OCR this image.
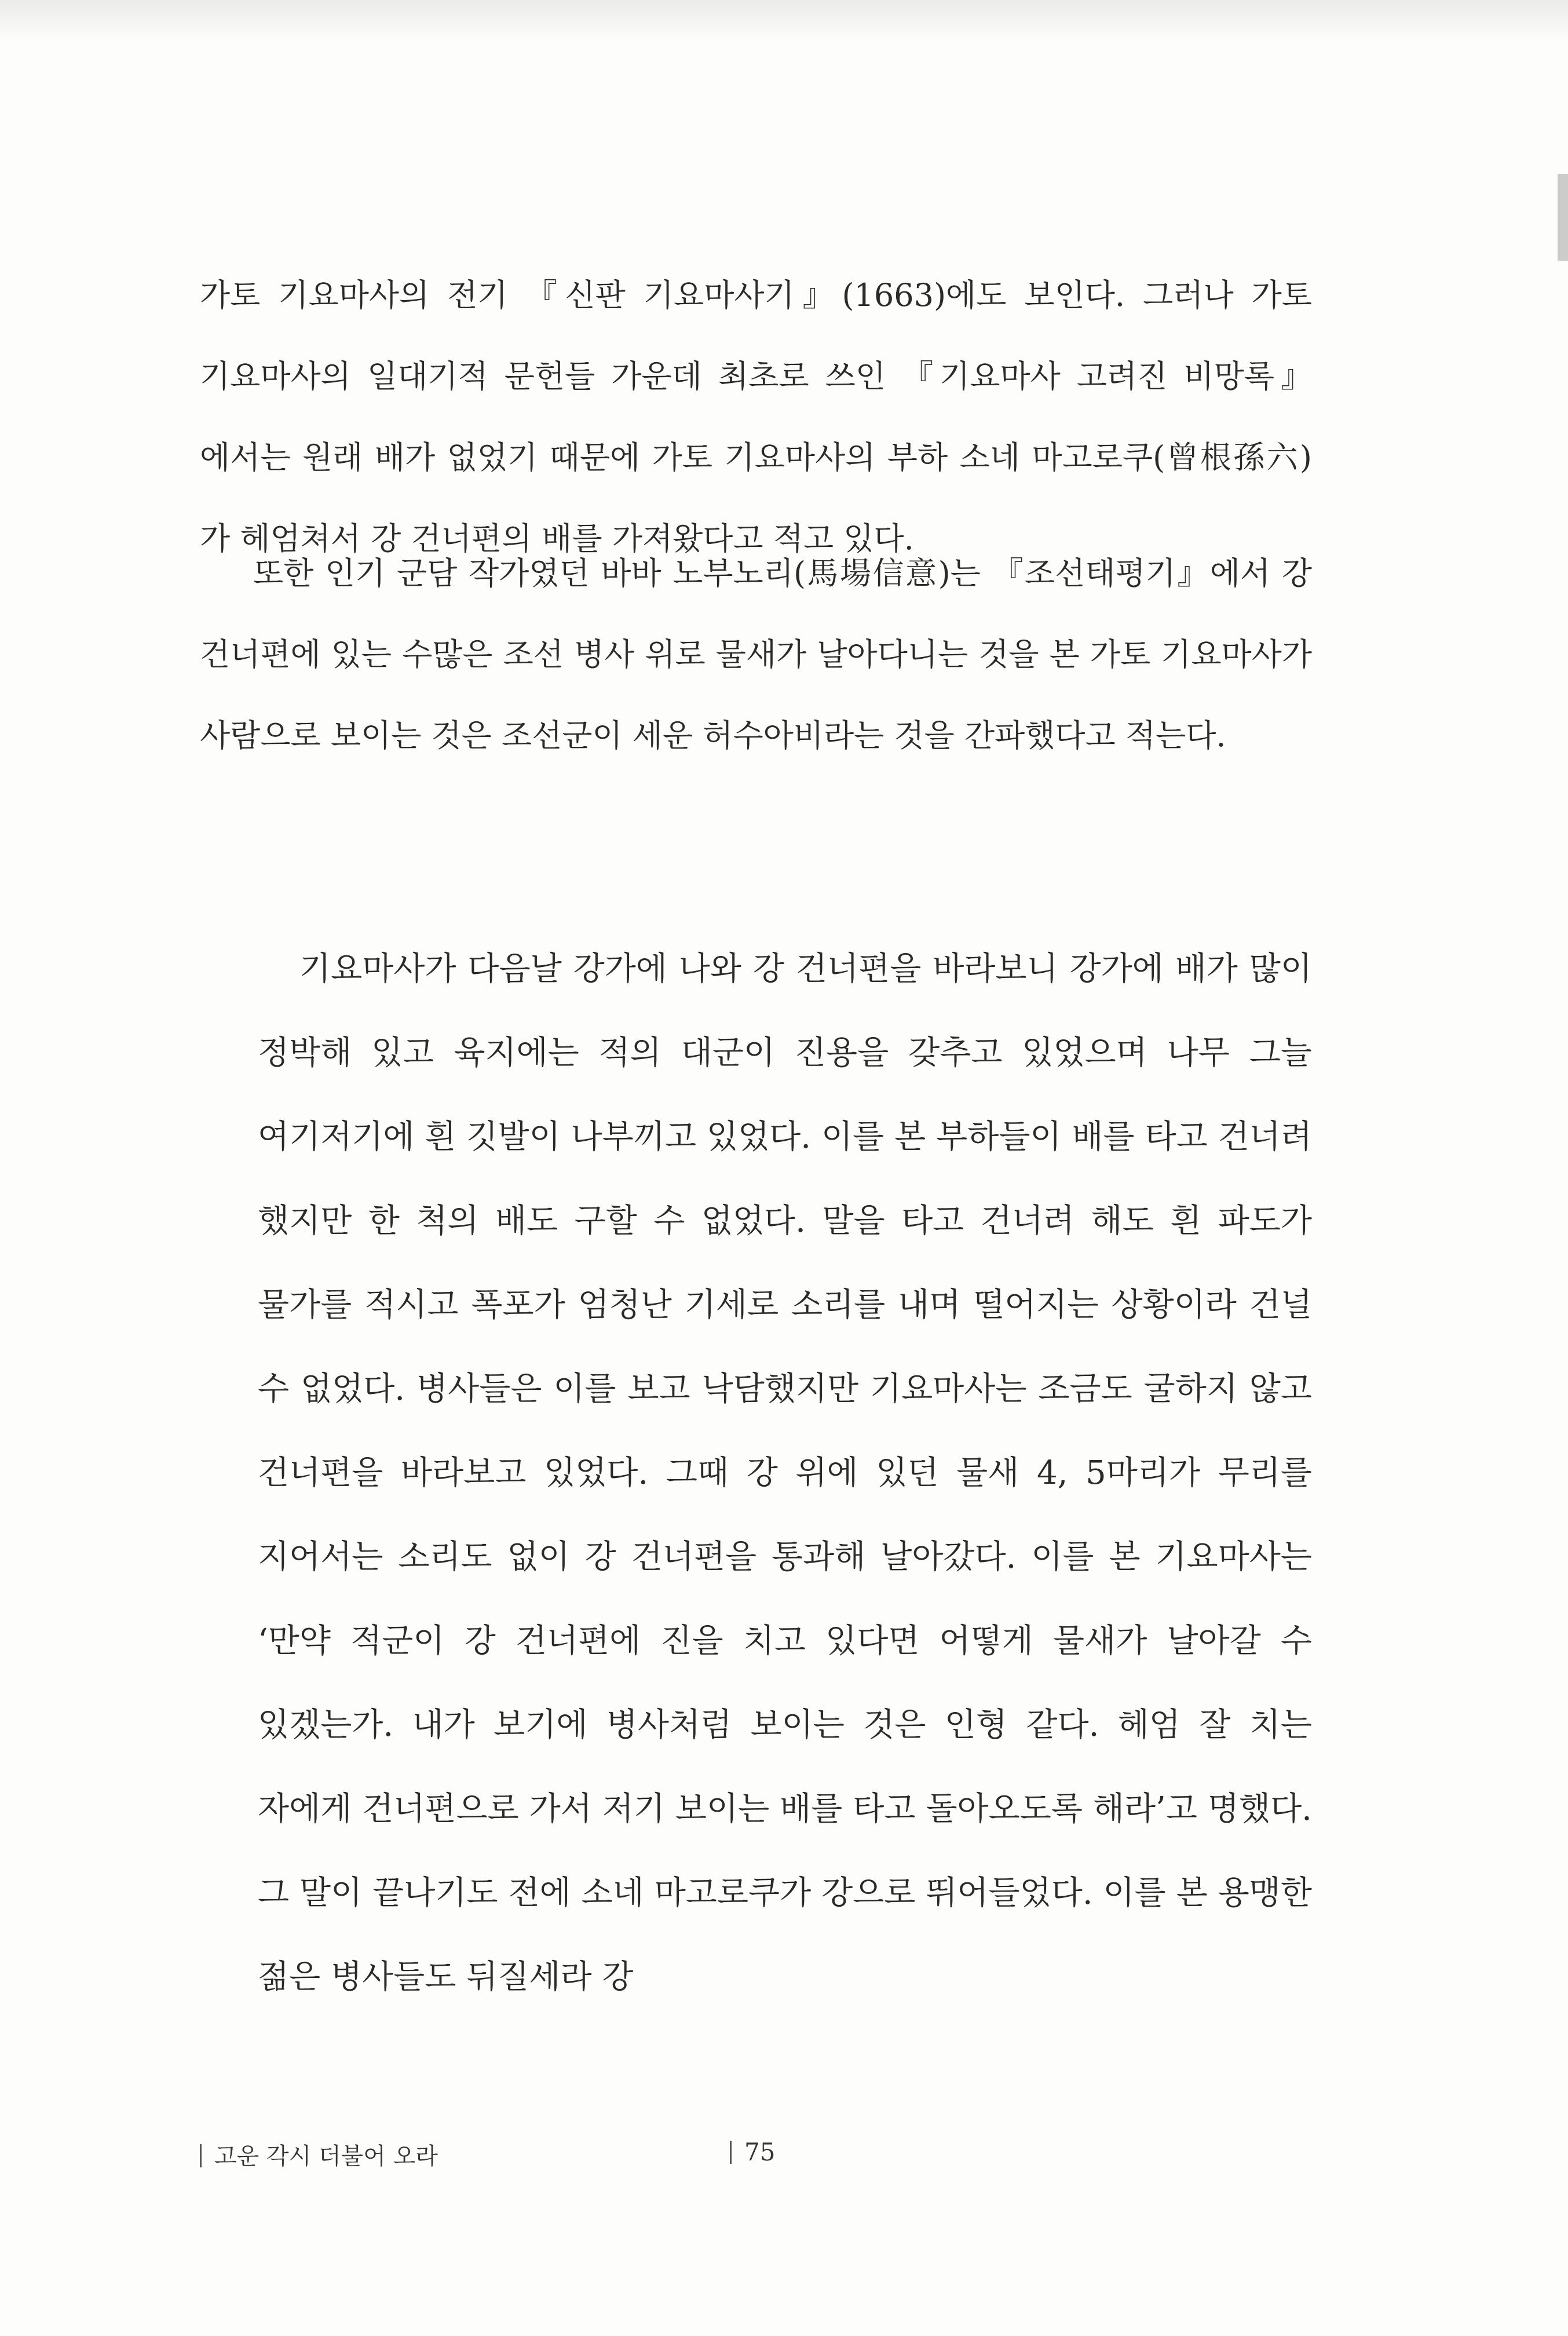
가토 기요마사의 전기 『신판 기요마사기』(1663)에도 보인다. 그러나 가토 기요마사의 일대기적 문헌들 가운데 최초로 쓰인 『기요마사 고려진 비망록』에서는 원래 배가 없었기 때문에 가토 기요마사의 부하 소네 마고로쿠(曾根孫六)가 헤엄쳐서 강 건너편의 배를 가져왔다고 적고 있다.

또한 인기 군담 작가였던 바바 노부노리(馬場信意)는 『조선태평기』에서 강 건너편에 있는 수많은 조선 병사 위로 물새가 날아다니는 것을 본 가토 기요마사가 사람으로 보이는 것은 조선군이 세운 허수아비라는 것을 간파했다고 적는다.

기요마사가 다음날 강가에 나와 강 건너편을 바라보니 강가에 배가 많이 정박해 있고 육지에는 적의 대군이 진용을 갖추고 있었으며 나무 그늘 여기저기에 흰 깃발이 나부끼고 있었다. 이를 본 부하들이 배를 타고 건너려 했지만 한 척의 배도 구할 수 없었다. 말을 타고 건너려 해도 흰 파도가 물가를 적시고 폭포가 엄청난 기세로 소리를 내며 떨어지는 상황이라 건널 수 없었다. 병사들은 이를 보고 낙담했지만 기요마사는 조금도 굴하지 않고 건너편을 바라보고 있었다. 그때 강 위에 있던 물새 4, 5마리가 무리를 지어서는 소리도 없이 강 건너편을 통과해 날아갔다. 이를 본 기요마사는 ‘만약 적군이 강 건너편에 진을 치고 있다면 어떻게 물새가 날아갈 수 있겠는가. 내가 보기에 병사처럼 보이는 것은 인형 같다. 헤엄 잘 치는 자에게 건너편으로 가서 저기 보이는 배를 타고 돌아오도록 해라’고 명했다. 그 말이 끝나기도 전에 소네 마고로쿠가 강으로 뛰어들었다. 이를 본 용맹한 젊은 병사들도 뒤질세라 강

고운 각시 더불어 오라	75
